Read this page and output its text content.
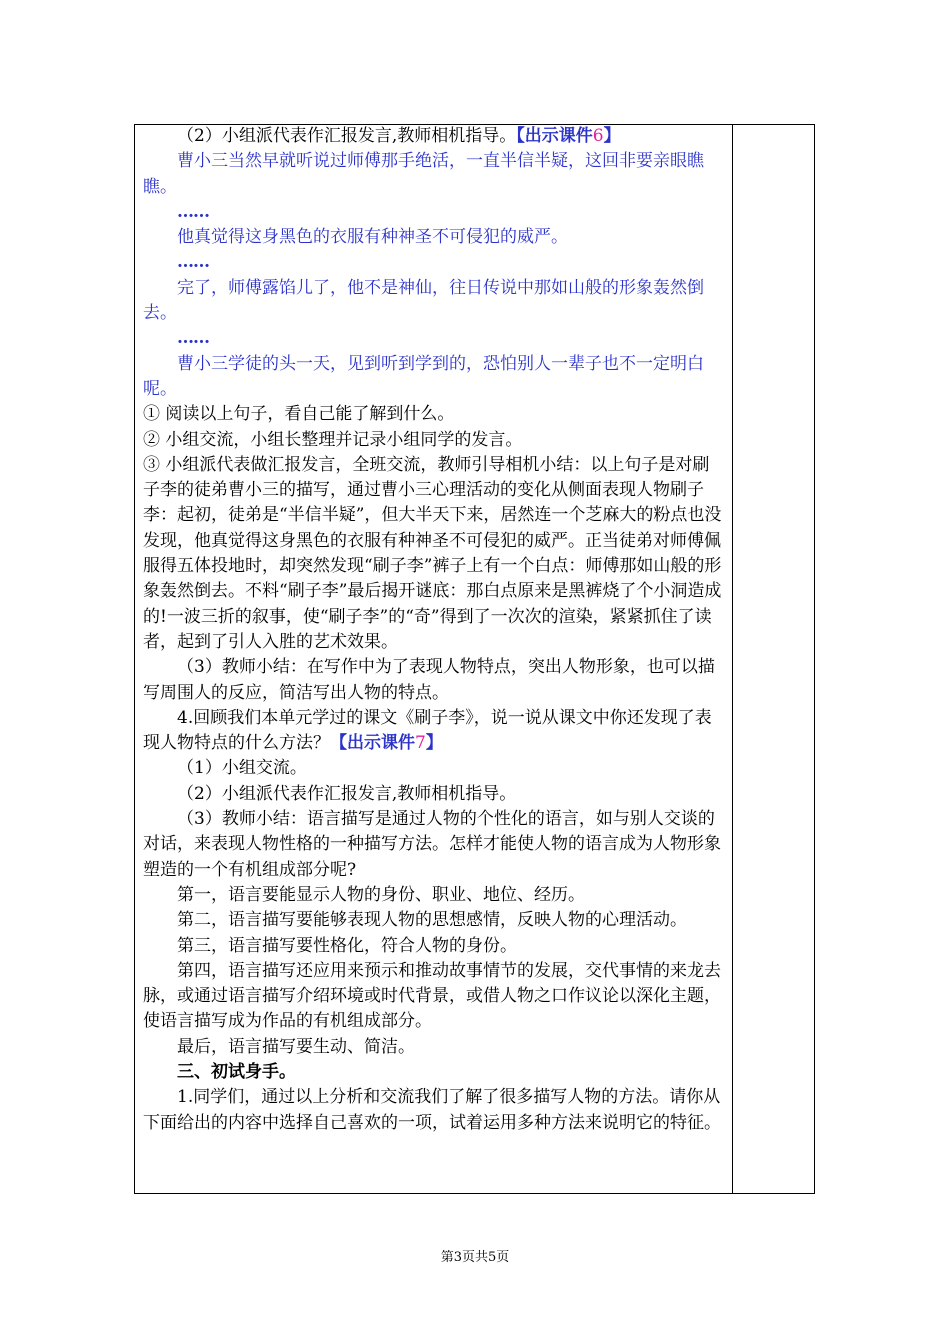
（2）小组派代表作汇报发言,教师相机指导。【出示课件6】

曹小三当然早就听说过师傅那手绝活，一直半信半疑，这回非要亲眼瞧瞧。

……

他真觉得这身黑色的衣服有种神圣不可侵犯的威严。

……

完了，师傅露馅儿了，他不是神仙，往日传说中那如山般的形象轰然倒去。

……

曹小三学徒的头一天，见到听到学到的，恐怕别人一辈子也不一定明白呢。

① 阅读以上句子，看自己能了解到什么。

② 小组交流，小组长整理并记录小组同学的发言。

③ 小组派代表做汇报发言，全班交流，教师引导相机小结：以上句子是对刷子李的徒弟曹小三的描写，通过曹小三心理活动的变化从侧面表现人物刷子李：起初，徒弟是“半信半疑”，但大半天下来，居然连一个芝麻大的粉点也没发现，他真觉得这身黑色的衣服有种神圣不可侵犯的威严。正当徒弟对师傅佩服得五体投地时，却突然发现“刷子李”裤子上有一个白点：师傅那如山般的形象轰然倒去。不料“刷子李”最后揭开谜底：那白点原来是黑裤烧了个小洞造成的!一波三折的叙事，使“刷子李”的“奇”得到了一次次的渲染，紧紧抓住了读者，起到了引人入胜的艺术效果。

（3）教师小结：在写作中为了表现人物特点，突出人物形象，也可以描写周围人的反应，简洁写出人物的特点。

4.回顾我们本单元学过的课文《刷子李》，说一说从课文中你还发现了表现人物特点的什么方法？【出示课件7】

（1）小组交流。

（2）小组派代表作汇报发言,教师相机指导。

（3）教师小结：语言描写是通过人物的个性化的语言，如与别人交谈的对话，来表现人物性格的一种描写方法。怎样才能使人物的语言成为人物形象塑造的一个有机组成部分呢?

第一，语言要能显示人物的身份、职业、地位、经历。

第二，语言描写要能够表现人物的思想感情，反映人物的心理活动。

第三，语言描写要性格化，符合人物的身份。

第四，语言描写还应用来预示和推动故事情节的发展，交代事情的来龙去脉，或通过语言描写介绍环境或时代背景，或借人物之口作议论以深化主题，使语言描写成为作品的有机组成部分。

最后，语言描写要生动、简洁。

三、初试身手。

1.同学们，通过以上分析和交流我们了解了很多描写人物的方法。请你从下面给出的内容中选择自己喜欢的一项，试着运用多种方法来说明它的特征。

第3页共5页
